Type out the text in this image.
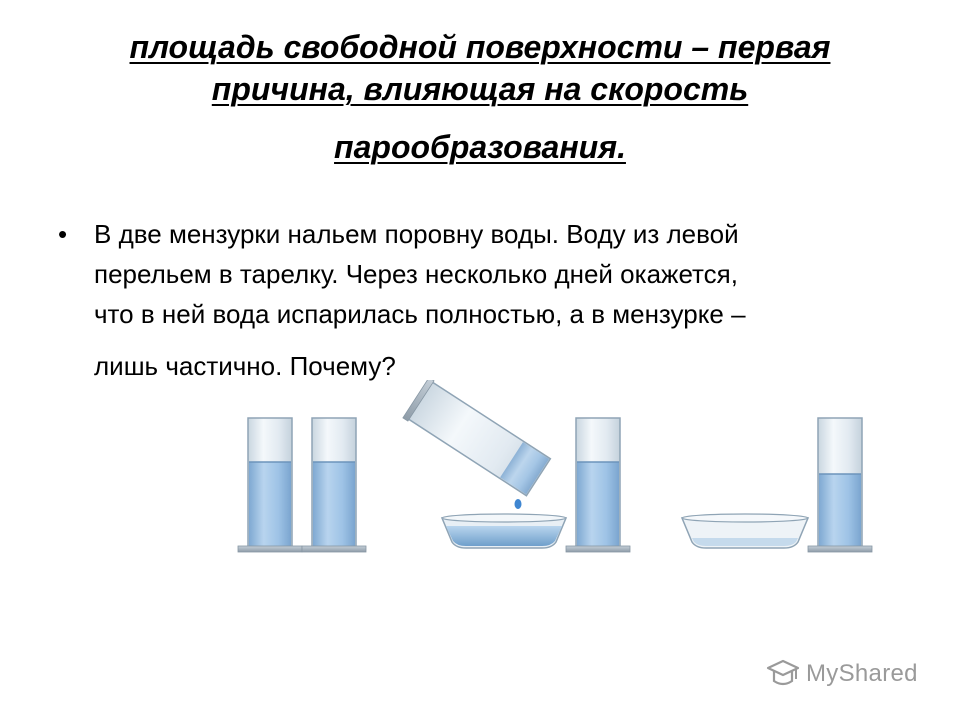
площадь свободной поверхности – первая
причина, влияющая на скорость
парообразования.
• В две мензурки нальем поровну воды. Воду из левой
перельем в тарелку. Через несколько дней окажется,
что в ней вода испарилась полностью, а в мензурке –
лишь частично. Почему?
MyShared
